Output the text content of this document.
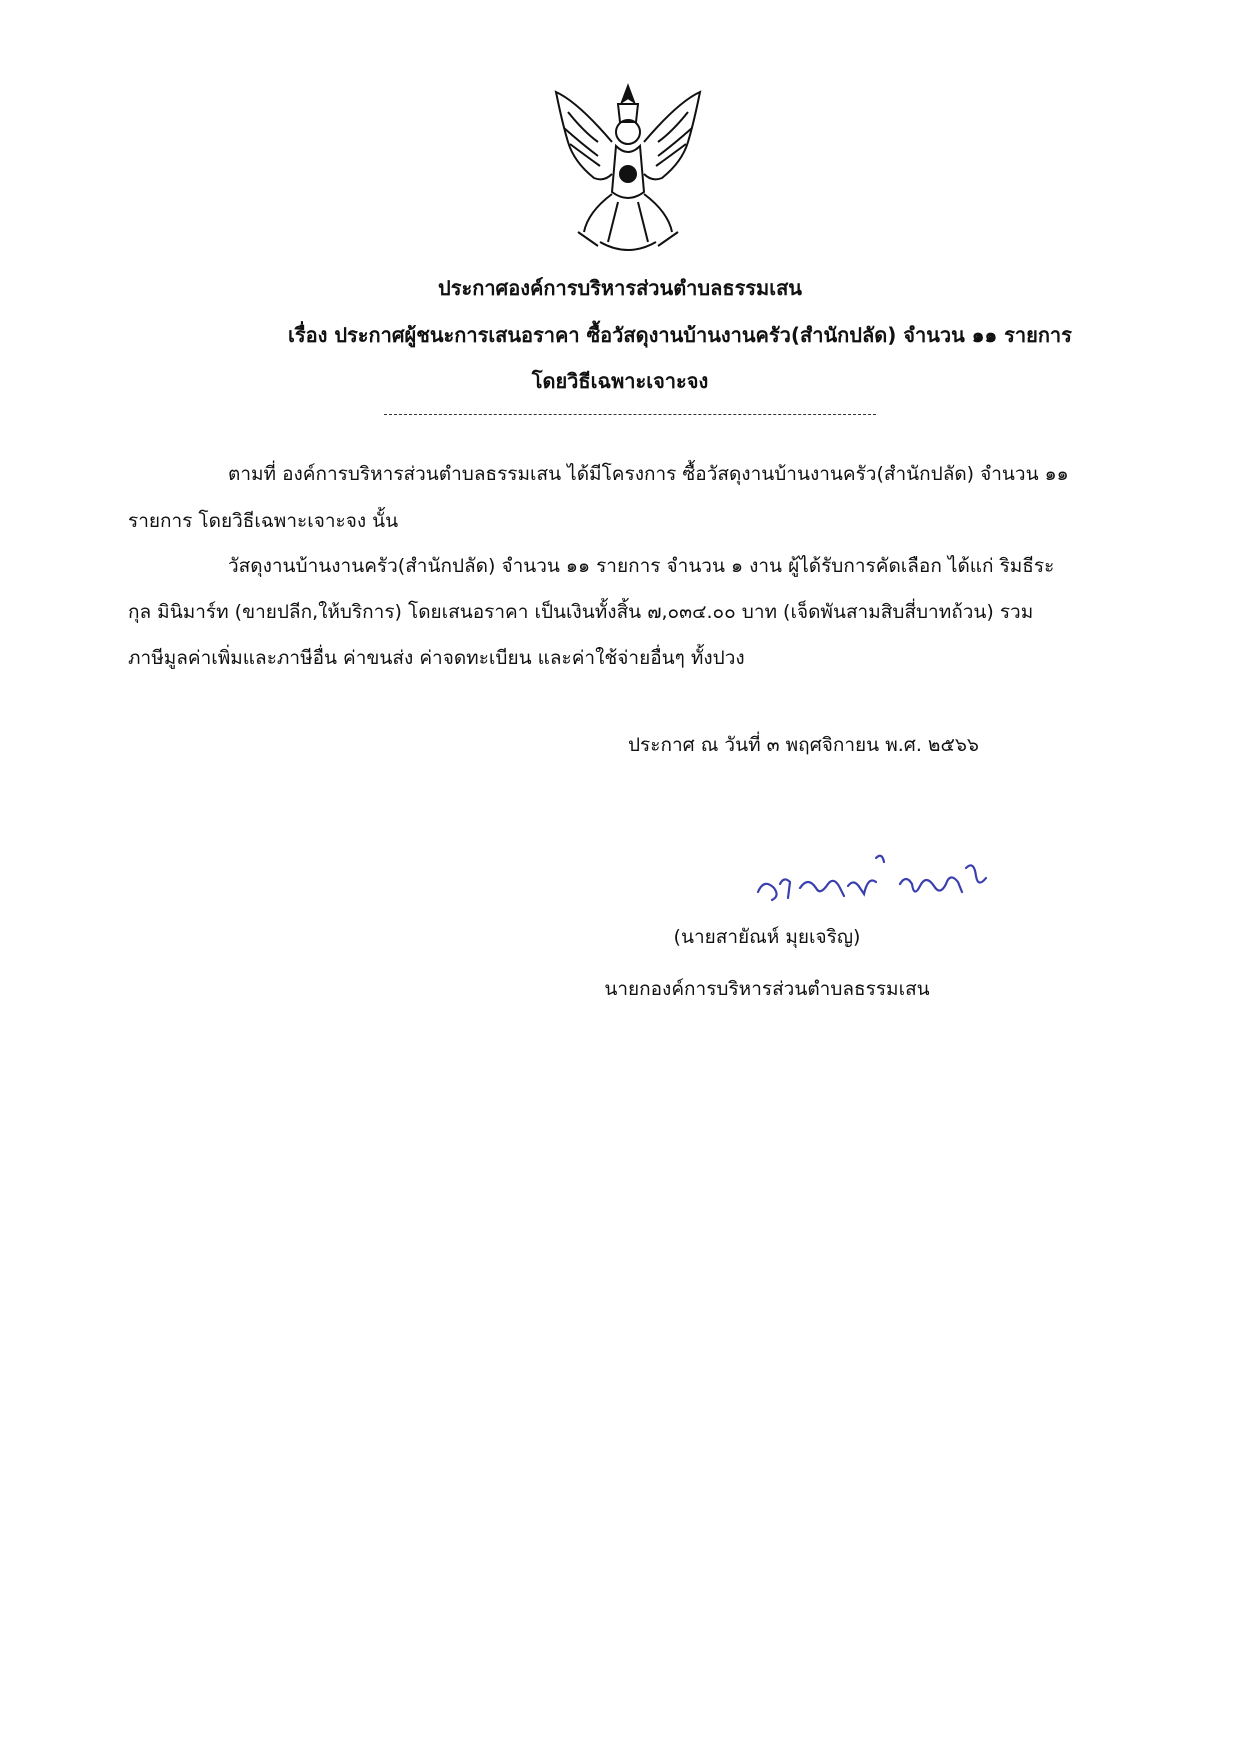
ประกาศองค์การบริหารส่วนตำบลธรรมเสน
เรื่อง ประกาศผู้ชนะการเสนอราคา ซื้อวัสดุงานบ้านงานครัว(สำนักปลัด) จำนวน ๑๑ รายการ
โดยวิธีเฉพาะเจาะจง
ตามที่ องค์การบริหารส่วนตำบลธรรมเสน ได้มีโครงการ ซื้อวัสดุงานบ้านงานครัว(สำนักปลัด) จำนวน ๑๑
รายการ โดยวิธีเฉพาะเจาะจง นั้น
วัสดุงานบ้านงานครัว(สำนักปลัด) จำนวน ๑๑ รายการ จำนวน ๑ งาน ผู้ได้รับการคัดเลือก ได้แก่ ริมธีระ
กุล มินิมาร์ท (ขายปลีก,ให้บริการ) โดยเสนอราคา เป็นเงินทั้งสิ้น ๗,๐๓๔.๐๐ บาท (เจ็ดพันสามสิบสี่บาทถ้วน) รวม
ภาษีมูลค่าเพิ่มและภาษีอื่น ค่าขนส่ง ค่าจดทะเบียน และค่าใช้จ่ายอื่นๆ ทั้งปวง
ประกาศ ณ วันที่ ๓ พฤศจิกายน พ.ศ. ๒๕๖๖
(นายสายัณห์ มุยเจริญ)
นายกองค์การบริหารส่วนตำบลธรรมเสน
